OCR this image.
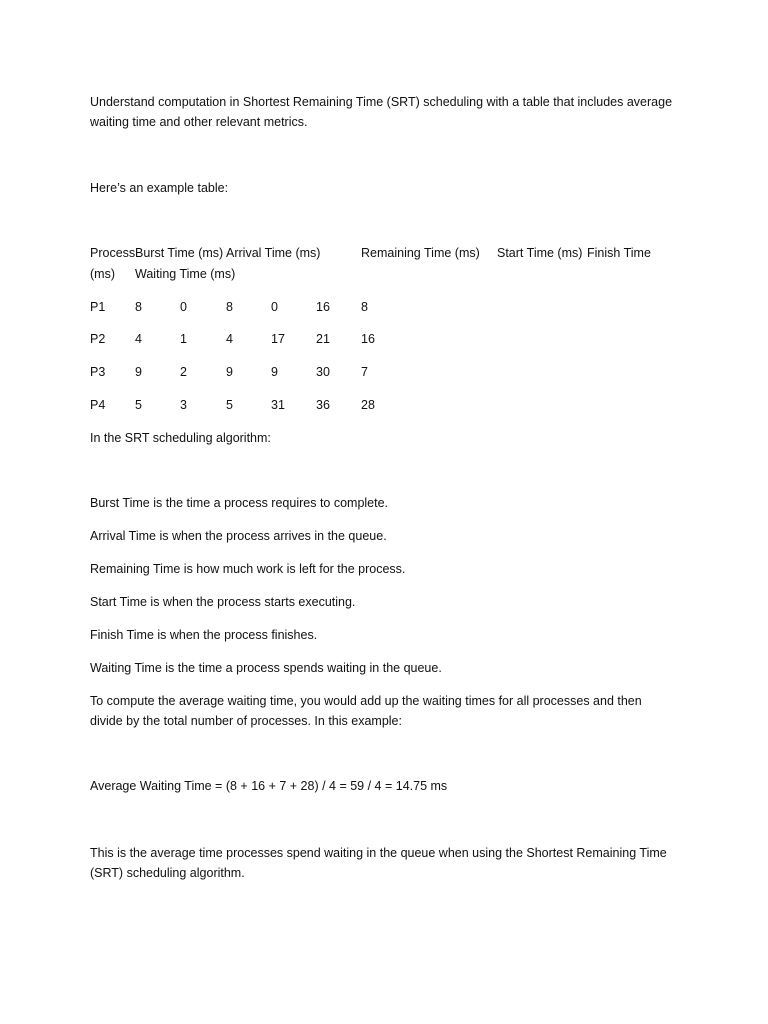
Understand computation in Shortest Remaining Time (SRT) scheduling with a table that includes average
waiting time and other relevant metrics.
Here’s an example table:
Process Burst Time (ms) Arrival Time (ms)	Remaining Time (ms) Start Time (ms) Finish Time
(ms) Waiting Time (ms)
P1 8	0	8	0	16 8
P2 4	1	4	17 21 16
P3 9	2	9	9	30 7
P4 5	3	5	31 36 28
In the SRT scheduling algorithm:
Burst Time is the time a process requires to complete.
Arrival Time is when the process arrives in the queue.
Remaining Time is how much work is left for the process.
Start Time is when the process starts executing.
Finish Time is when the process finishes.
Waiting Time is the time a process spends waiting in the queue.
To compute the average waiting time, you would add up the waiting times for all processes and then
divide by the total number of processes. In this example:
Average Waiting Time = (8 + 16 + 7 + 28) / 4 = 59 / 4 = 14.75 ms
This is the average time processes spend waiting in the queue when using the Shortest Remaining Time
(SRT) scheduling algorithm.
